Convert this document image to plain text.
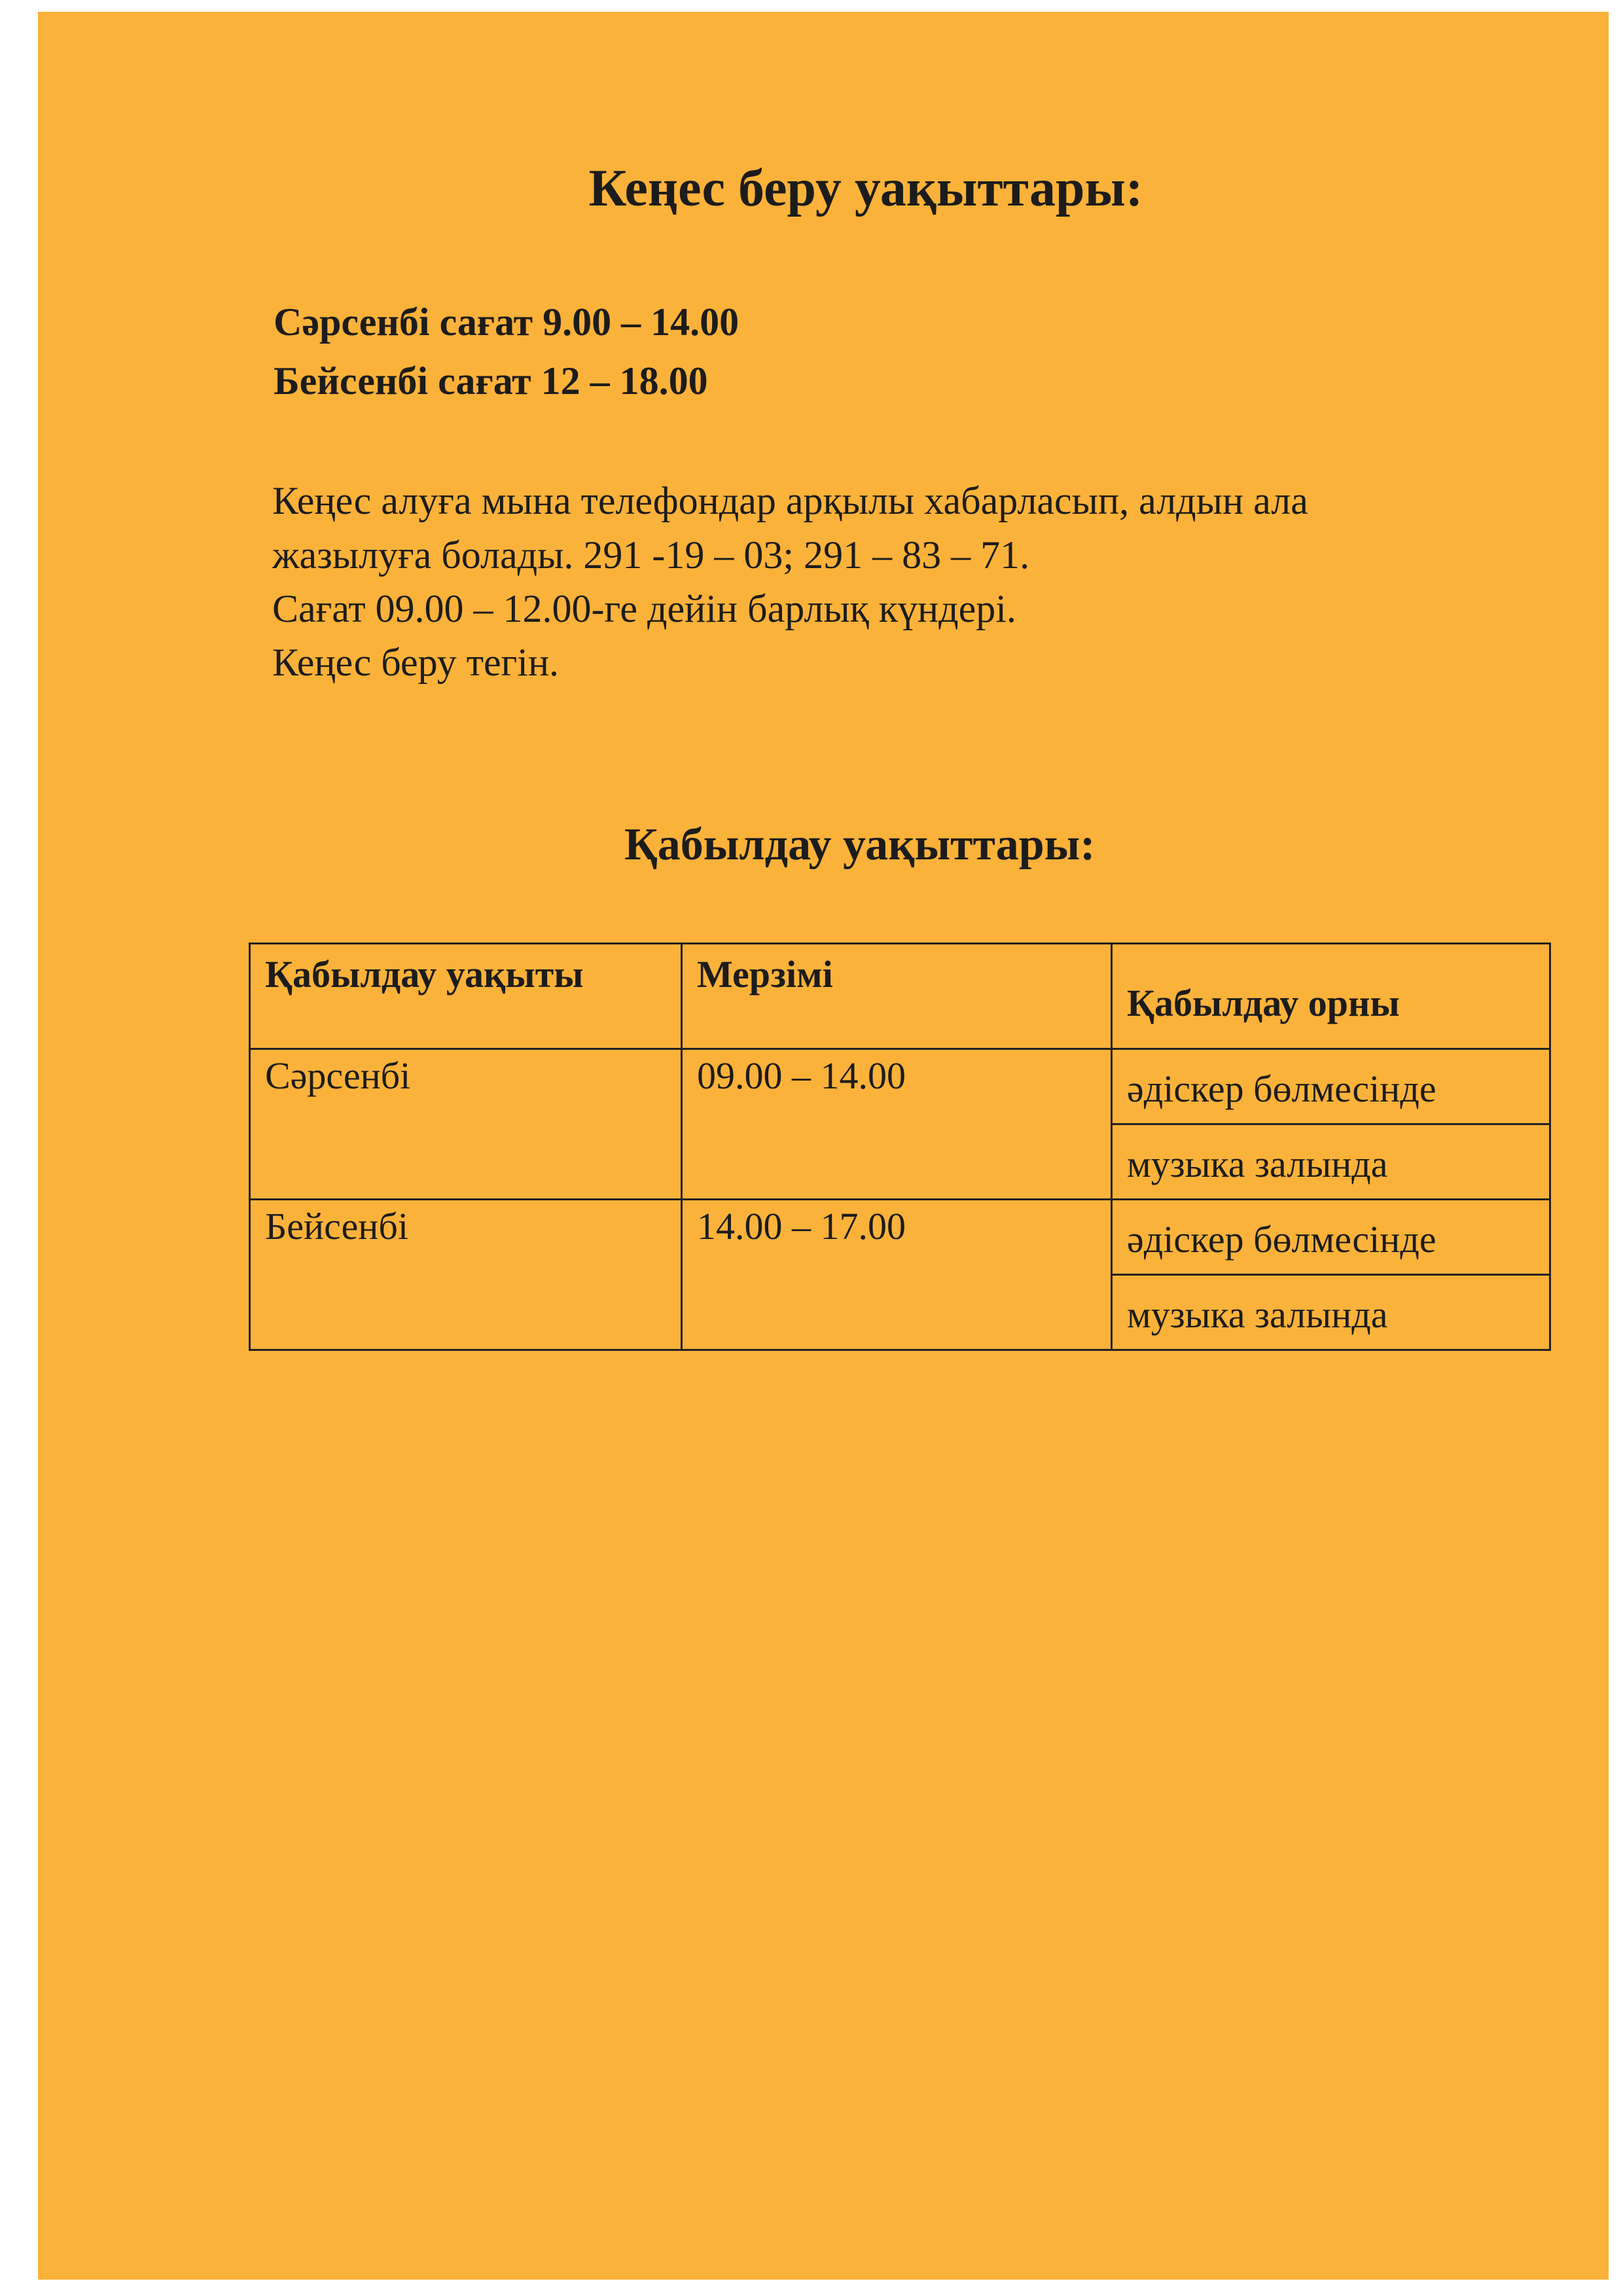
Кеңес беру уақыттары:

Сәрсенбі сағат 9.00 – 14.00

Бейсенбі сағат 12 – 18.00

Кеңес алуға мына телефондар арқылы хабарласып, алдын ала

жазылуға болады. 291 -19 – 03; 291 – 83 – 71.

Сағат 09.00 – 12.00-ге дейін барлық күндері.

Кеңес беру тегін.

Қабылдау уақыттары:
Қабылдау уақыты	Мерзімі	Қабылдау орны
Сәрсенбі	09.00 – 14.00	әдіскер бөлмесінде
		музыка залында
Бейсенбі	14.00 – 17.00	әдіскер бөлмесінде
		музыка залында
